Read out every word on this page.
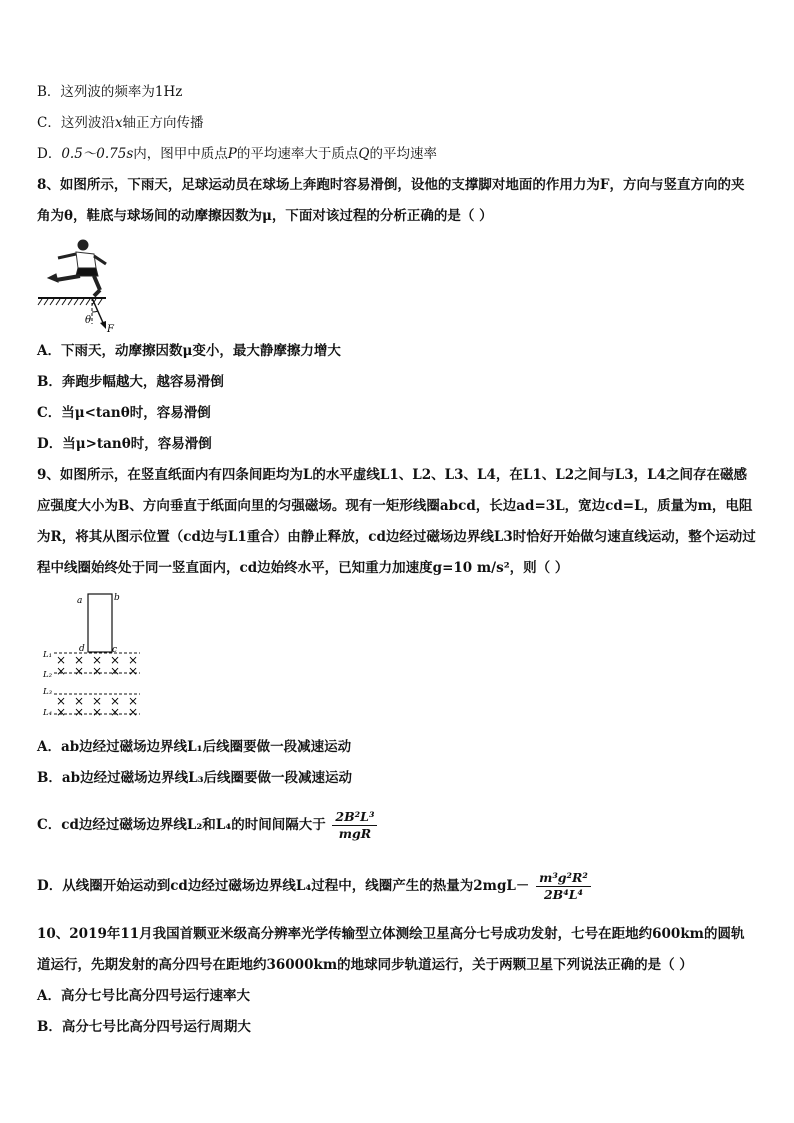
B．这列波的频率为1Hz
C．这列波沿x轴正方向传播
D．0.5～0.75s内，图甲中质点P的平均速率大于质点Q的平均速率
8、如图所示，下雨天，足球运动员在球场上奔跑时容易滑倒，设他的支撑脚对地面的作用力为F，方向与竖直方向的夹角为θ，鞋底与球场间的动摩擦因数为μ，下面对该过程的分析正确的是（ ）
θ
F
A．下雨天，动摩擦因数μ变小，最大静摩擦力增大
B．奔跑步幅越大，越容易滑倒
C．当μ<tanθ时，容易滑倒
D．当μ>tanθ时，容易滑倒
9、如图所示，在竖直纸面内有四条间距均为L的水平虚线L1、L2、L3、L4，在L1、L2之间与L3，L4之间存在磁感应强度大小为B、方向垂直于纸面向里的匀强磁场。现有一矩形线圈abcd，长边ad=3L，宽边cd=L，质量为m，电阻为R，将其从图示位置（cd边与L1重合）由静止释放，cd边经过磁场边界线L3时恰好开始做匀速直线运动，整个运动过程中线圈始终处于同一竖直面内，cd边始终水平，已知重力加速度g=10 m/s²，则（ ）
a	b
c
d
L₁
L₂
L₃
L₄
× × × × ×
× × × × ×
× × × × ×
× × × × ×
A．ab边经过磁场边界线L₁后线圈要做一段减速运动
B．ab边经过磁场边界线L₃后线圈要做一段减速运动
C．cd边经过磁场边界线L₂和L₄的时间间隔大于 $\frac{\text{2B²L³}}{\text{mgR}}$
D．从线圈开始运动到cd边经过磁场边界线L₄过程中，线圈产生的热量为$2mgL- \frac{\text{m³g²R²}}{\text{2B⁴L⁴}}$
10、2019年11月我国首颗亚米级高分辨率光学传输型立体测绘卫星高分七号成功发射，七号在距地约600km的圆轨道运行，先期发射的高分四号在距地约36000km的地球同步轨道运行，关于两颗卫星下列说法正确的是（ ）
A．高分七号比高分四号运行速率大
B．高分七号比高分四号运行周期大
